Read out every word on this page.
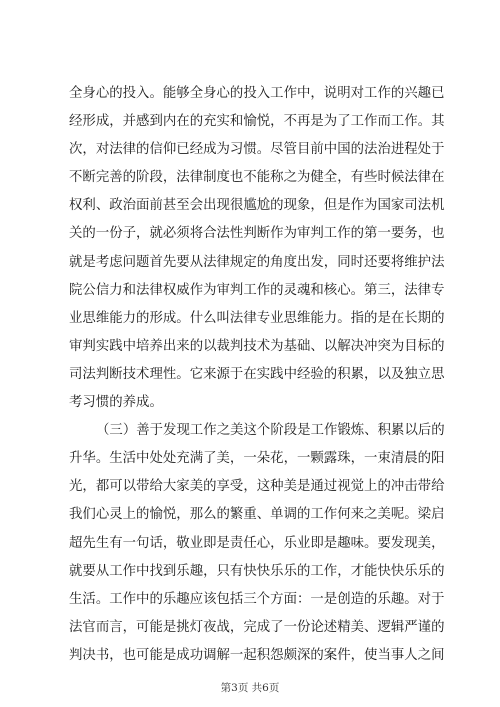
全身心的投入。能够全身心的投入工作中，说明对工作的兴趣已
经形成，并感到内在的充实和愉悦，不再是为了工作而工作。其
次，对法律的信仰已经成为习惯。尽管目前中国的法治进程处于
不断完善的阶段，法律制度也不能称之为健全，有些时候法律在
权利、政治面前甚至会出现很尴尬的现象，但是作为国家司法机
关的一份子，就必须将合法性判断作为审判工作的第一要务，也
就是考虑问题首先要从法律规定的角度出发，同时还要将维护法
院公信力和法律权威作为审判工作的灵魂和核心。第三，法律专
业思维能力的形成。什么叫法律专业思维能力。指的是在长期的
审判实践中培养出来的以裁判技术为基础、以解决冲突为目标的
司法判断技术理性。它来源于在实践中经验的积累，以及独立思
考习惯的养成。
（三）善于发现工作之美这个阶段是工作锻炼、积累以后的
升华。生活中处处充满了美，一朵花，一颗露珠，一束清晨的阳
光，都可以带给大家美的享受，这种美是通过视觉上的冲击带给
我们心灵上的愉悦，那么的繁重、单调的工作何来之美呢。梁启
超先生有一句话，敬业即是责任心，乐业即是趣味。要发现美，
就要从工作中找到乐趣，只有快快乐乐的工作，才能快快乐乐的
生活。工作中的乐趣应该包括三个方面：一是创造的乐趣。对于
法官而言，可能是挑灯夜战，完成了一份论述精美、逻辑严谨的
判决书，也可能是成功调解一起积怨颇深的案件，使当事人之间
第3页 共6页
